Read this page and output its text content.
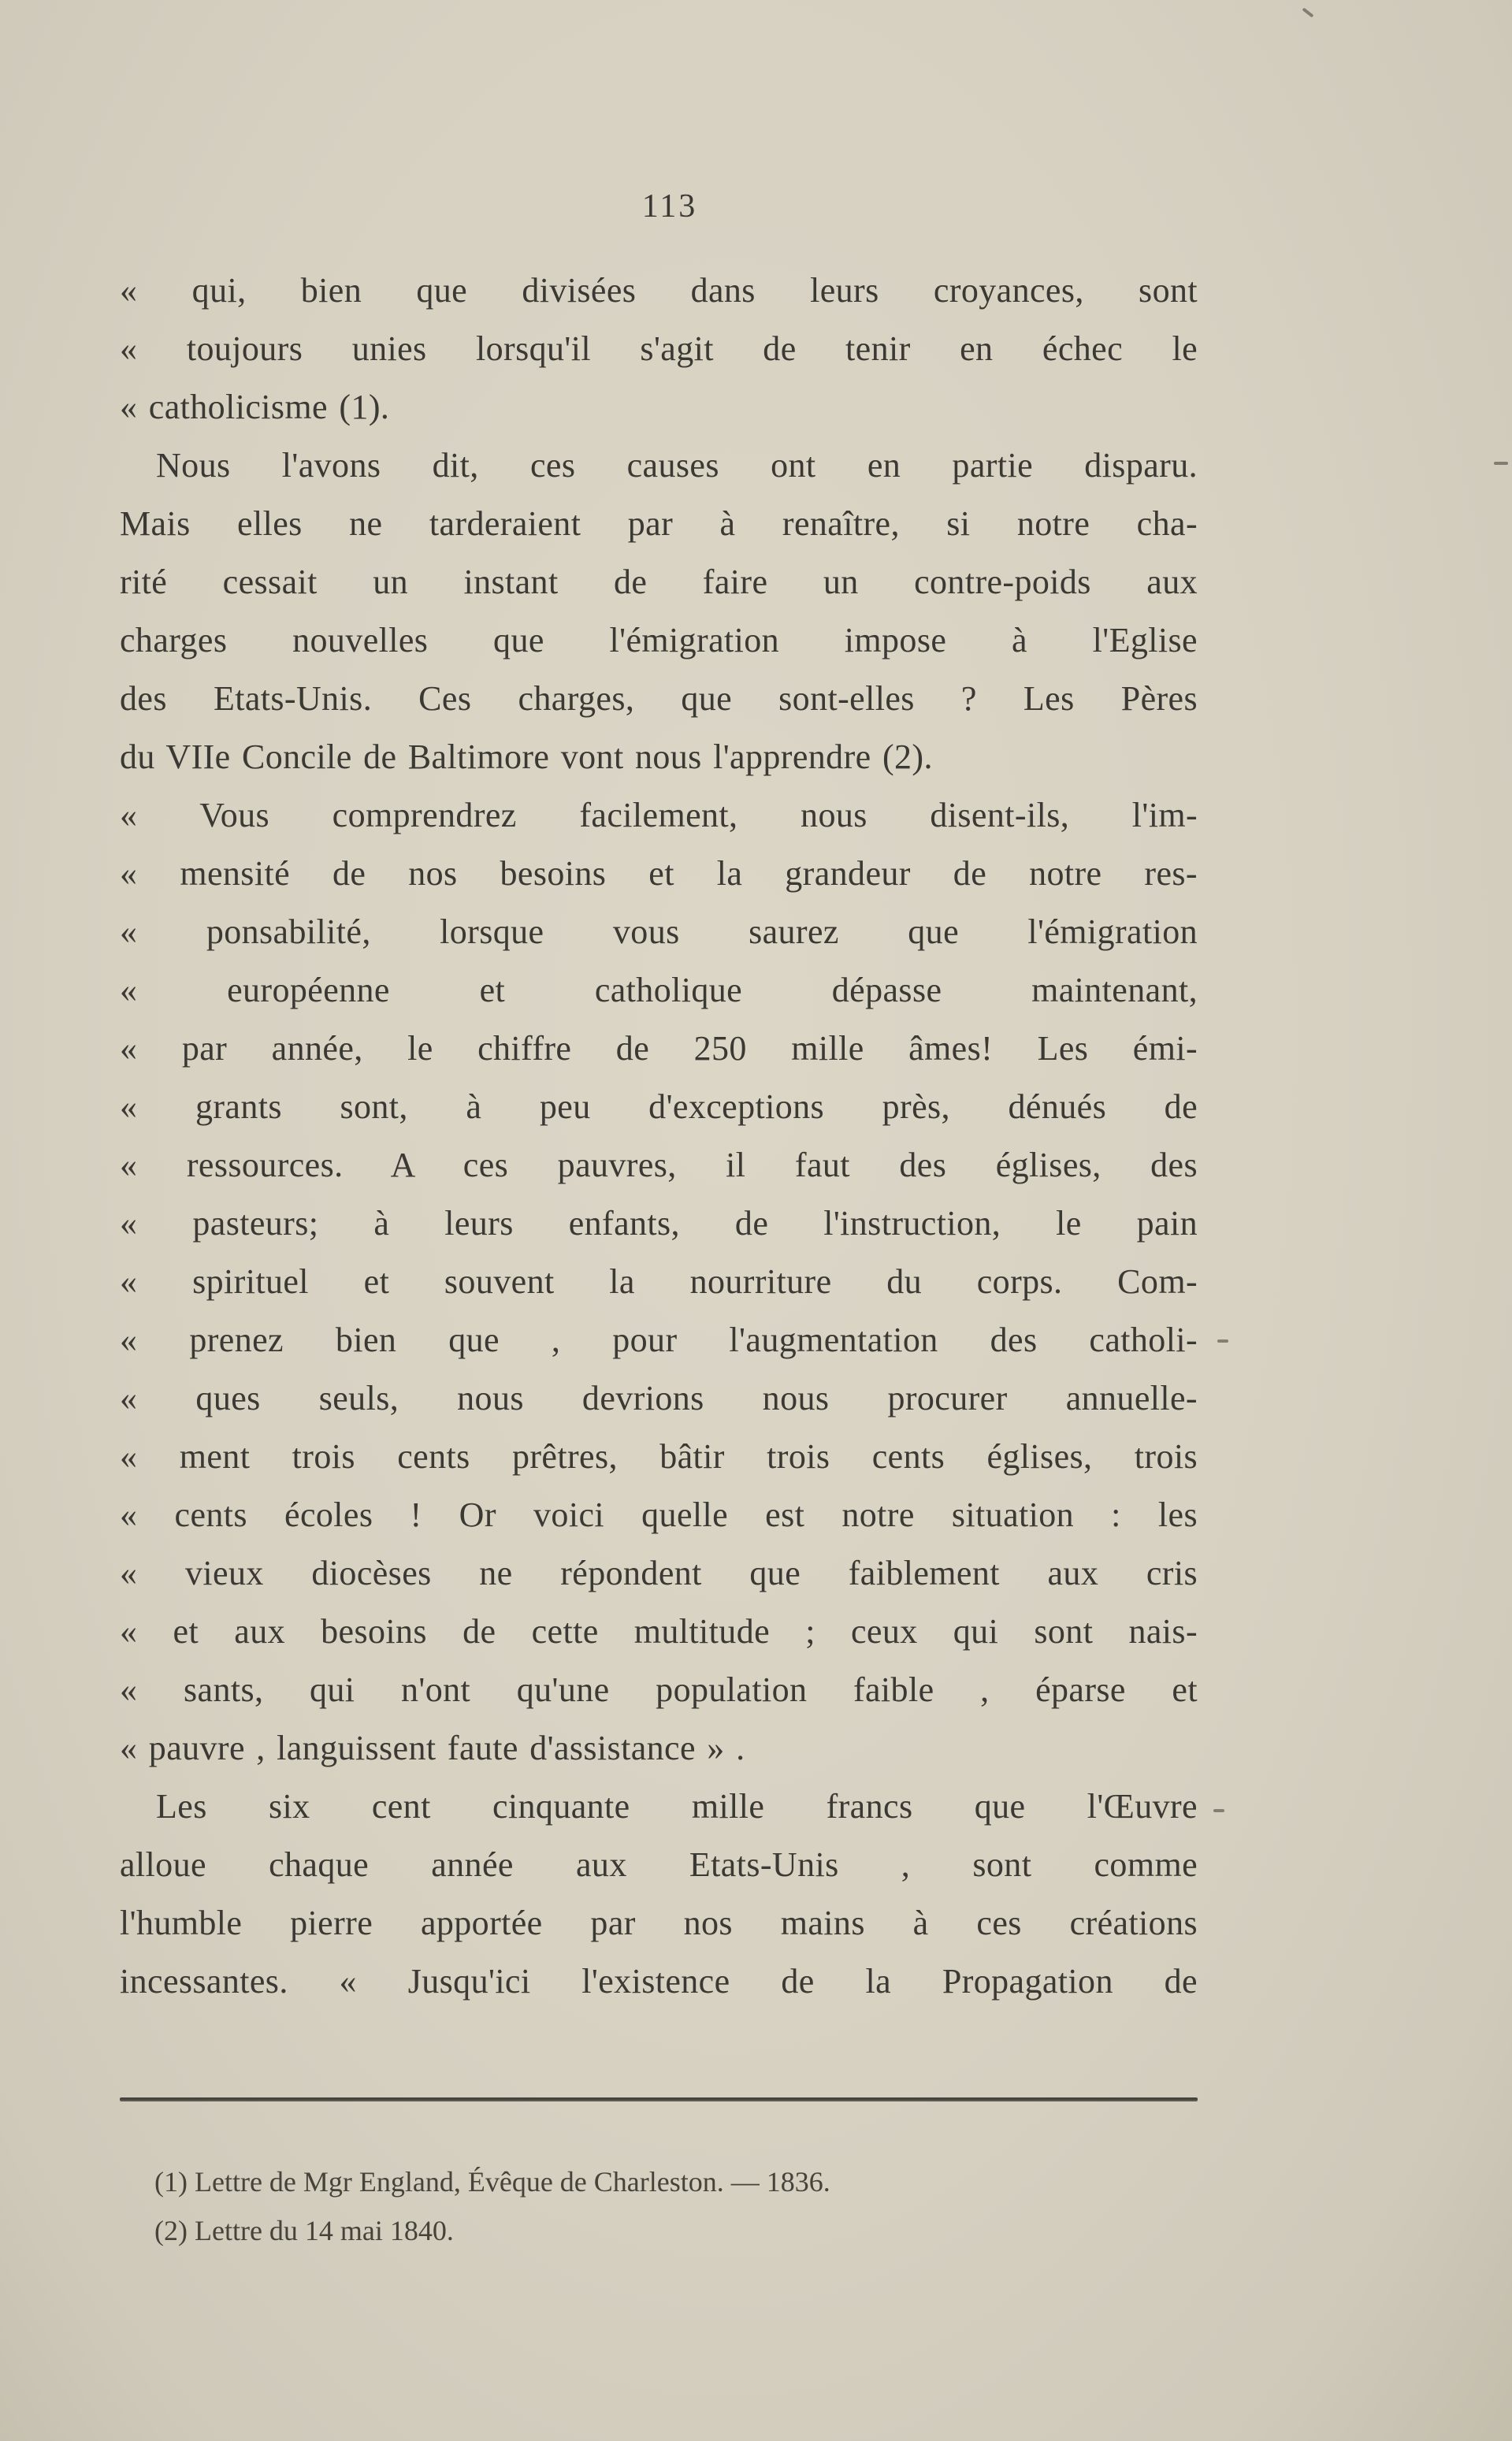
113
« qui, bien que divisées dans leurs croyances, sont
« toujours unies lorsqu'il s'agit de tenir en échec le
« catholicisme (1).
Nous l'avons dit, ces causes ont en partie disparu.
Mais elles ne tarderaient par à renaître, si notre cha-
rité cessait un instant de faire un contre-poids aux
charges nouvelles que l'émigration impose à l'Eglise
des Etats-Unis. Ces charges, que sont-elles ? Les Pères
du VIIe Concile de Baltimore vont nous l'apprendre (2).
« Vous comprendrez facilement, nous disent-ils, l'im-
« mensité de nos besoins et la grandeur de notre res-
« ponsabilité, lorsque vous saurez que l'émigration
« européenne et catholique dépasse maintenant,
« par année, le chiffre de 250 mille âmes! Les émi-
« grants sont, à peu d'exceptions près, dénués de
« ressources. A ces pauvres, il faut des églises, des
« pasteurs; à leurs enfants, de l'instruction, le pain
« spirituel et souvent la nourriture du corps. Com-
« prenez bien que , pour l'augmentation des catholi-
« ques seuls, nous devrions nous procurer annuelle-
« ment trois cents prêtres, bâtir trois cents églises, trois
« cents écoles ! Or voici quelle est notre situation : les
« vieux diocèses ne répondent que faiblement aux cris
« et aux besoins de cette multitude ; ceux qui sont nais-
« sants, qui n'ont qu'une population faible , éparse et
« pauvre , languissent faute d'assistance » .
Les six cent cinquante mille francs que l'Œuvre
alloue chaque année aux Etats-Unis , sont comme
l'humble pierre apportée par nos mains à ces créations
incessantes. « Jusqu'ici l'existence de la Propagation de
(1) Lettre de Mgr England, Évêque de Charleston. — 1836.
(2) Lettre du 14 mai 1840.
